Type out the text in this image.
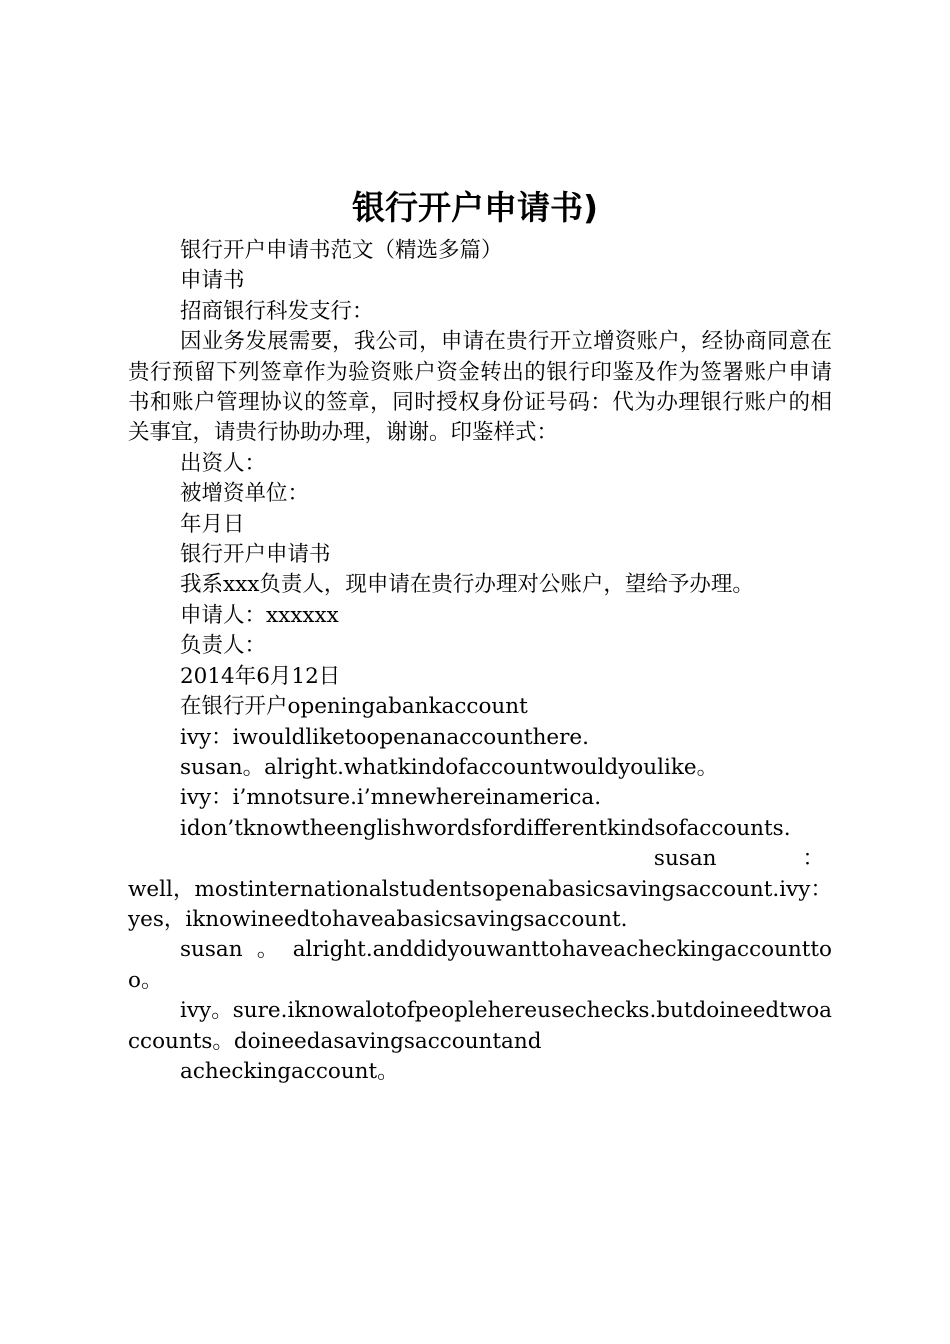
银行开户申请书)

银行开户申请书范文（精选多篇）

申请书

招商银行科发支行：

因业务发展需要，我公司，申请在贵行开立增资账户，经协商同意在贵行预留下列签章作为验资账户资金转出的银行印鉴及作为签署账户申请书和账户管理协议的签章，同时授权身份证号码：代为办理银行账户的相关事宜，请贵行协助办理，谢谢。印鉴样式：

出资人：

被增资单位：

年月日

银行开户申请书

我系xxx负责人，现申请在贵行办理对公账户，望给予办理。

申请人：xxxxxx

负责人：

2014年6月12日

在银行开户openingabankaccount

ivy：iwouldliketoopenanaccounthere.

susan。alright.whatkindofaccountwouldyoulike。

ivy：i’mnotsure.i’mnewhereinamerica.

idon’tknowtheenglishwordsfordifferentkindsofaccounts.

susan　　　　：

well，mostinternationalstudentsopenabasicsavingsaccount.ivy：yes，iknowineedtohaveabasicsavingsaccount.

susan。alright.anddidyouwanttohaveacheckingaccounttoo。

ivy。sure.iknowalotofpeopleherеusechecks.butdoineedtwoaccounts。doineedasavingsaccountand

acheckingaccount。
